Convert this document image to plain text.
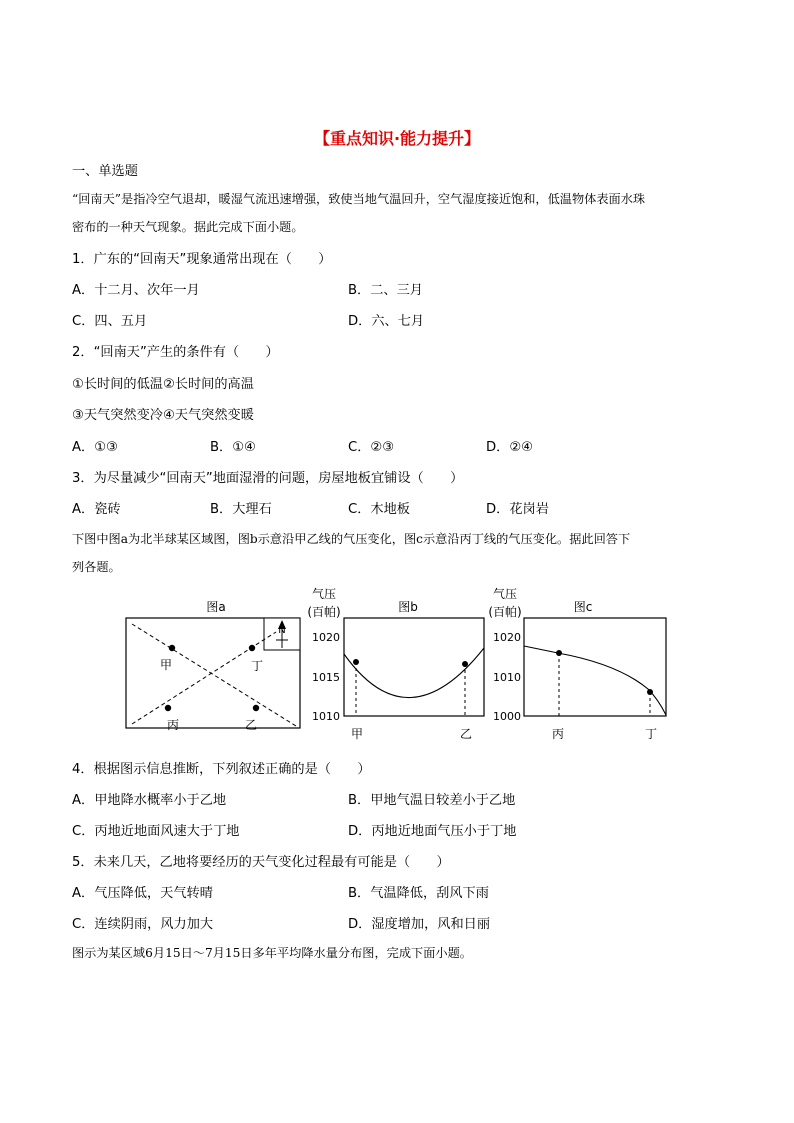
【重点知识·能力提升】
一、单选题
“回南天”是指冷空气退却，暖湿气流迅速增强，致使当地气温回升，空气湿度接近饱和，低温物体表面水珠
密布的一种天气现象。据此完成下面小题。
1．广东的“回南天”现象通常出现在（　　）
A．十二月、次年一月	B．二、三月
C．四、五月	D．六、七月
2．“回南天”产生的条件有（　　）
①长时间的低温②长时间的高温
③天气突然变冷④天气突然变暖
A．①③	B．①④	C．②③	D．②④
3．为尽量减少“回南天”地面湿滑的问题，房屋地板宜铺设（　　）
A．瓷砖	B．大理石	C．木地板	D．花岗岩
下图中图a为北半球某区域图，图b示意沿甲乙线的气压变化，图c示意沿丙丁线的气压变化。据此回答下
列各题。
图a
N
甲	丁
丙	乙
气压
(百帕)	图b
1020
1015
1010
甲	乙
气压
(百帕)	图c
1020
1010
1000
丙	丁
4．根据图示信息推断，下列叙述正确的是（　　）
A．甲地降水概率小于乙地	B．甲地气温日较差小于乙地
C．丙地近地面风速大于丁地	D．丙地近地面气压小于丁地
5．未来几天，乙地将要经历的天气变化过程最有可能是（　　）
A．气压降低，天气转晴	B．气温降低，刮风下雨
C．连续阴雨，风力加大	D．湿度增加，风和日丽
图示为某区域6月15日～7月15日多年平均降水量分布图，完成下面小题。
